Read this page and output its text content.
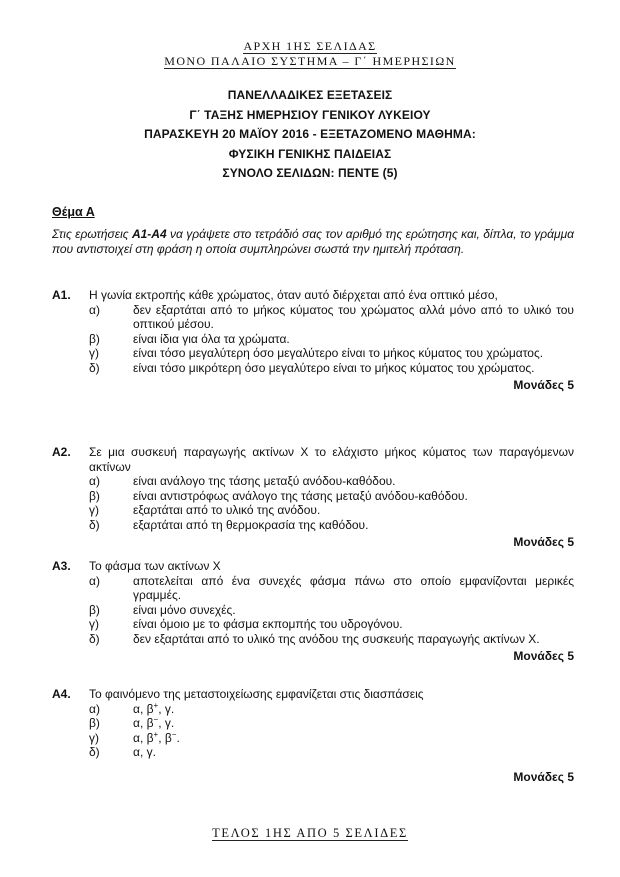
ΑΡΧΗ 1ΗΣ ΣΕΛΙΔΑΣ
ΜΟΝΟ ΠΑΛΑΙΟ ΣΥΣΤΗΜΑ – Γ΄ ΗΜΕΡΗΣΙΩΝ
ΠΑΝΕΛΛΑΔΙΚΕΣ ΕΞΕΤΑΣΕΙΣ
Γ΄ ΤΑΞΗΣ ΗΜΕΡΗΣΙΟΥ ΓΕΝΙΚΟΥ ΛΥΚΕΙΟΥ
ΠΑΡΑΣΚΕΥΗ 20 ΜΑΪΟΥ 2016 - ΕΞΕΤΑΖΟΜΕΝΟ ΜΑΘΗΜΑ:
ΦΥΣΙΚΗ ΓΕΝΙΚΗΣ ΠΑΙΔΕΙΑΣ
ΣΥΝΟΛΟ ΣΕΛΙΔΩΝ: ΠΕΝΤΕ (5)
Θέμα Α
Στις ερωτήσεις Α1-Α4 να γράψετε στο τετράδιό σας τον αριθμό της ερώτησης και, δίπλα, το γράμμα που αντιστοιχεί στη φράση η οποία συμπληρώνει σωστά την ημιτελή πρόταση.
Α1. Η γωνία εκτροπής κάθε χρώματος, όταν αυτό διέρχεται από ένα οπτικό μέσο,
α)	δεν εξαρτάται από το μήκος κύματος του χρώματος αλλά μόνο από το υλικό του οπτικού μέσου.
β)	είναι ίδια για όλα τα χρώματα.
γ)	είναι τόσο μεγαλύτερη όσο μεγαλύτερο είναι το μήκος κύματος του χρώματος.
δ)	είναι τόσο μικρότερη όσο μεγαλύτερο είναι το μήκος κύματος του χρώματος.
Μονάδες 5
Α2. Σε μια συσκευή παραγωγής ακτίνων Χ το ελάχιστο μήκος κύματος των παραγόμενων ακτίνων
α)	είναι ανάλογο της τάσης μεταξύ ανόδου-καθόδου.
β)	είναι αντιστρόφως ανάλογο της τάσης μεταξύ ανόδου-καθόδου.
γ)	εξαρτάται από το υλικό της ανόδου.
δ)	εξαρτάται από τη θερμοκρασία της καθόδου.
Μονάδες 5
Α3. Το φάσμα των ακτίνων Χ
α)	αποτελείται από ένα συνεχές φάσμα πάνω στο οποίο εμφανίζονται μερικές γραμμές.
β)	είναι μόνο συνεχές.
γ)	είναι όμοιο με το φάσμα εκπομπής του υδρογόνου.
δ)	δεν εξαρτάται από το υλικό της ανόδου της συσκευής παραγωγής ακτίνων Χ.
Μονάδες 5
Α4. Το φαινόμενο της μεταστοιχείωσης εμφανίζεται στις διασπάσεις
α)	α, β+, γ.
β)	α, β−, γ.
γ)	α, β+, β−.
δ)	α, γ.
Μονάδες 5
ΤΕΛΟΣ 1ΗΣ ΑΠΟ 5 ΣΕΛΙΔΕΣ
